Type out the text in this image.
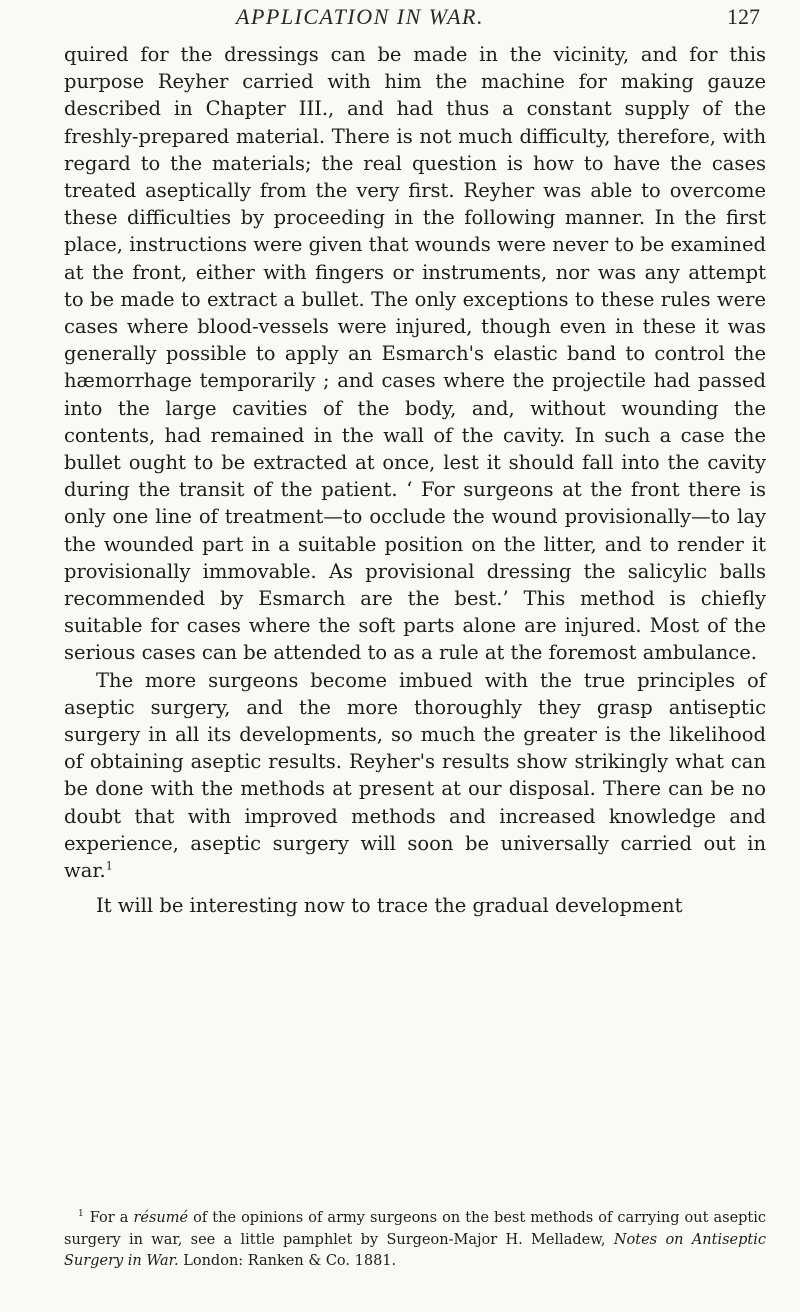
APPLICATION IN WAR.	127

quired for the dressings can be made in the vicinity, and for this purpose Reyher carried with him the machine for making gauze described in Chapter III., and had thus a constant supply of the freshly-prepared material. There is not much difficulty, therefore, with regard to the materials; the real question is how to have the cases treated aseptically from the very first. Reyher was able to overcome these difficulties by proceeding in the following manner. In the first place, instructions were given that wounds were never to be examined at the front, either with fingers or instruments, nor was any attempt to be made to extract a bullet. The only exceptions to these rules were cases where blood-vessels were injured, though even in these it was generally possible to apply an Esmarch's elastic band to control the hæmorrhage temporarily ; and cases where the projectile had passed into the large cavities of the body, and, without wounding the contents, had remained in the wall of the cavity. In such a case the bullet ought to be extracted at once, lest it should fall into the cavity during the transit of the patient. ‘ For surgeons at the front there is only one line of treatment—to occlude the wound provisionally—to lay the wounded part in a suitable position on the litter, and to render it provisionally immovable. As provisional dressing the salicylic balls recommended by Esmarch are the best.’ This method is chiefly suitable for cases where the soft parts alone are injured. Most of the serious cases can be attended to as a rule at the foremost ambulance.

The more surgeons become imbued with the true principles of aseptic surgery, and the more thoroughly they grasp antiseptic surgery in all its developments, so much the greater is the likelihood of obtaining aseptic results. Reyher's results show strikingly what can be done with the methods at present at our disposal. There can be no doubt that with improved methods and increased knowledge and experience, aseptic surgery will soon be universally carried out in war.$^1$

It will be interesting now to trace the gradual development

$^1$ For a résumé of the opinions of army surgeons on the best methods of carrying out aseptic surgery in war, see a little pamphlet by Surgeon-Major H. Melladew, Notes on Antiseptic Surgery in War. London: Ranken & Co. 1881.
